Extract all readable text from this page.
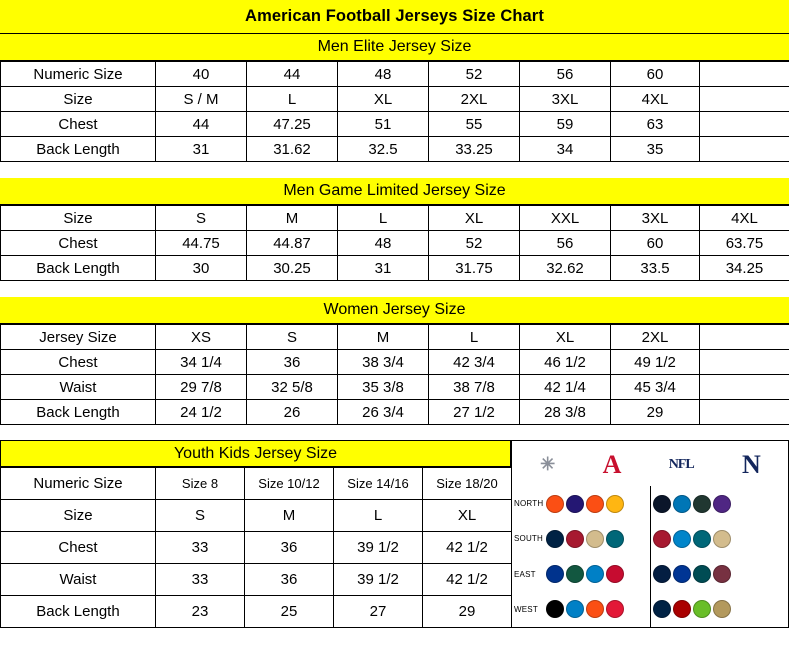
American Football Jerseys Size Chart
Men Elite Jersey Size
Numeric Size	40	44	48	52	56	60	
Size	S / M	L	XL	2XL	3XL	4XL	
Chest	44	47.25	51	55	59	63	
Back Length	31	31.62	32.5	33.25	34	35	
Men Game Limited Jersey Size
Size	S	M	L	XL	XXL	3XL	4XL
Chest	44.75	44.87	48	52	56	60	63.75
Back Length	30	30.25	31	31.75	32.62	33.5	34.25
Women Jersey Size
Jersey Size	XS	S	M	L	XL	2XL	
Chest	34 1/4	36	38 3/4	42 3/4	46 1/2	49 1/2	
Waist	29 7/8	32 5/8	35 3/8	38 7/8	42 1/4	45 3/4	
Back Length	24 1/2	26	26 3/4	27 1/2	28 3/8	29	
Youth Kids Jersey Size
Numeric Size	Size 8	Size 10/12	Size 14/16	Size 18/20
Size	S	M	L	XL
Chest	33	36	39 1/2	42 1/2
Waist	33	36	39 1/2	42 1/2
Back Length	23	25	27	29
✳ A	NFL N
NORTH
SOUTH
EAST
WEST
